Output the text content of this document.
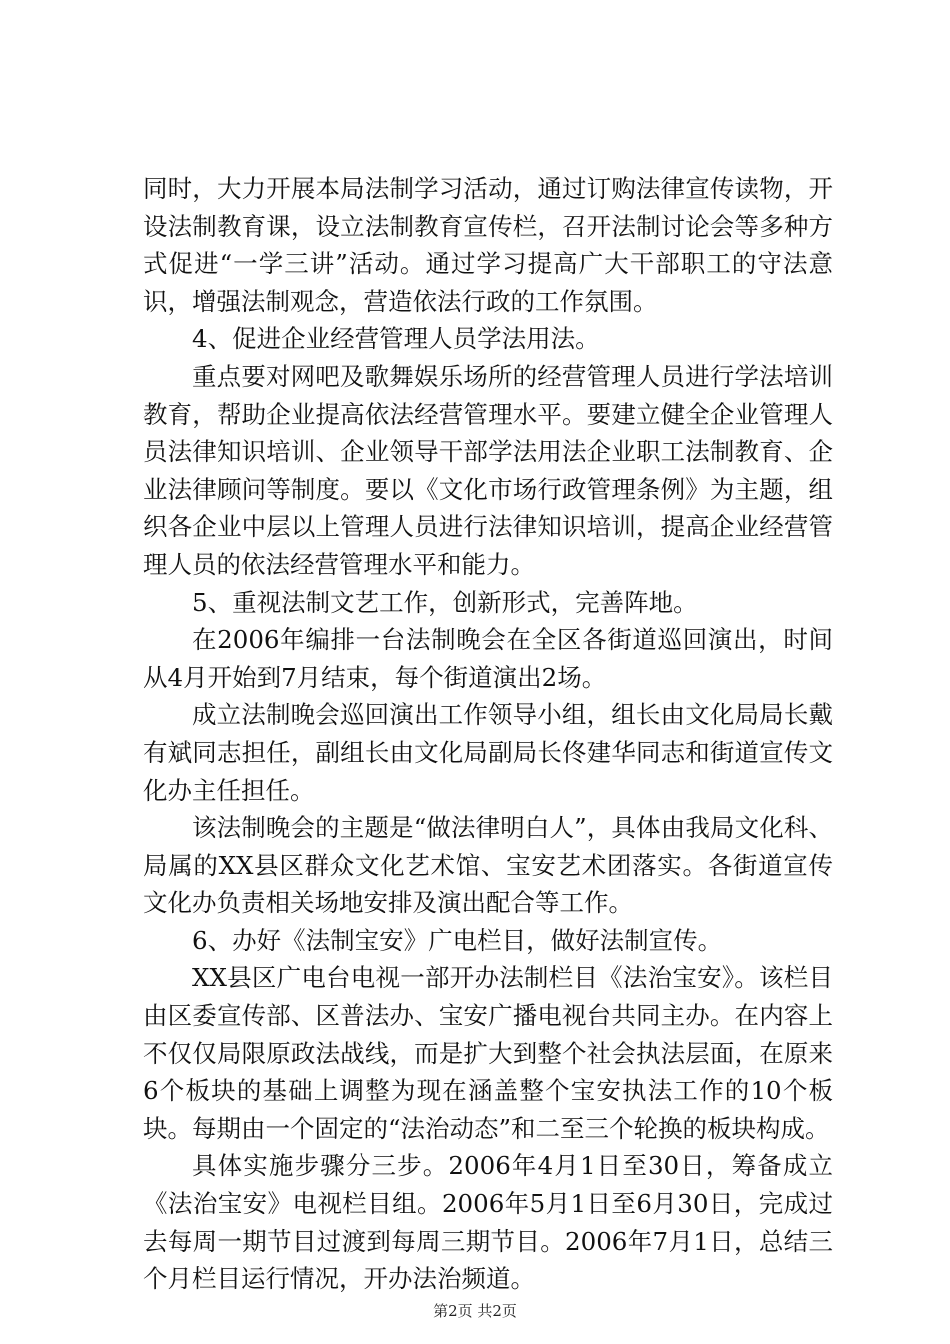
同时，大力开展本局法制学习活动，通过订购法律宣传读物，开设法制教育课，设立法制教育宣传栏，召开法制讨论会等多种方式促进“一学三讲”活动。通过学习提高广大干部职工的守法意识，增强法制观念，营造依法行政的工作氛围。

4、促进企业经营管理人员学法用法。

重点要对网吧及歌舞娱乐场所的经营管理人员进行学法培训教育，帮助企业提高依法经营管理水平。要建立健全企业管理人员法律知识培训、企业领导干部学法用法企业职工法制教育、企业法律顾问等制度。要以《文化市场行政管理条例》为主题，组织各企业中层以上管理人员进行法律知识培训，提高企业经营管理人员的依法经营管理水平和能力。

5、重视法制文艺工作，创新形式，完善阵地。

在2006年编排一台法制晚会在全区各街道巡回演出，时间从4月开始到7月结束，每个街道演出2场。

成立法制晚会巡回演出工作领导小组，组长由文化局局长戴有斌同志担任，副组长由文化局副局长佟建华同志和街道宣传文化办主任担任。

该法制晚会的主题是“做法律明白人”，具体由我局文化科、局属的XX县区群众文化艺术馆、宝安艺术团落实。各街道宣传文化办负责相关场地安排及演出配合等工作。

6、办好《法制宝安》广电栏目，做好法制宣传。

XX县区广电台电视一部开办法制栏目《法治宝安》。该栏目由区委宣传部、区普法办、宝安广播电视台共同主办。在内容上不仅仅局限原政法战线，而是扩大到整个社会执法层面，在原来6个板块的基础上调整为现在涵盖整个宝安执法工作的10个板块。每期由一个固定的“法治动态”和二至三个轮换的板块构成。

具体实施步骤分三步。2006年4月1日至30日，筹备成立《法治宝安》电视栏目组。2006年5月1日至6月30日，完成过去每周一期节目过渡到每周三期节目。2006年7月1日，总结三个月栏目运行情况，开办法治频道。

第2页 共2页
